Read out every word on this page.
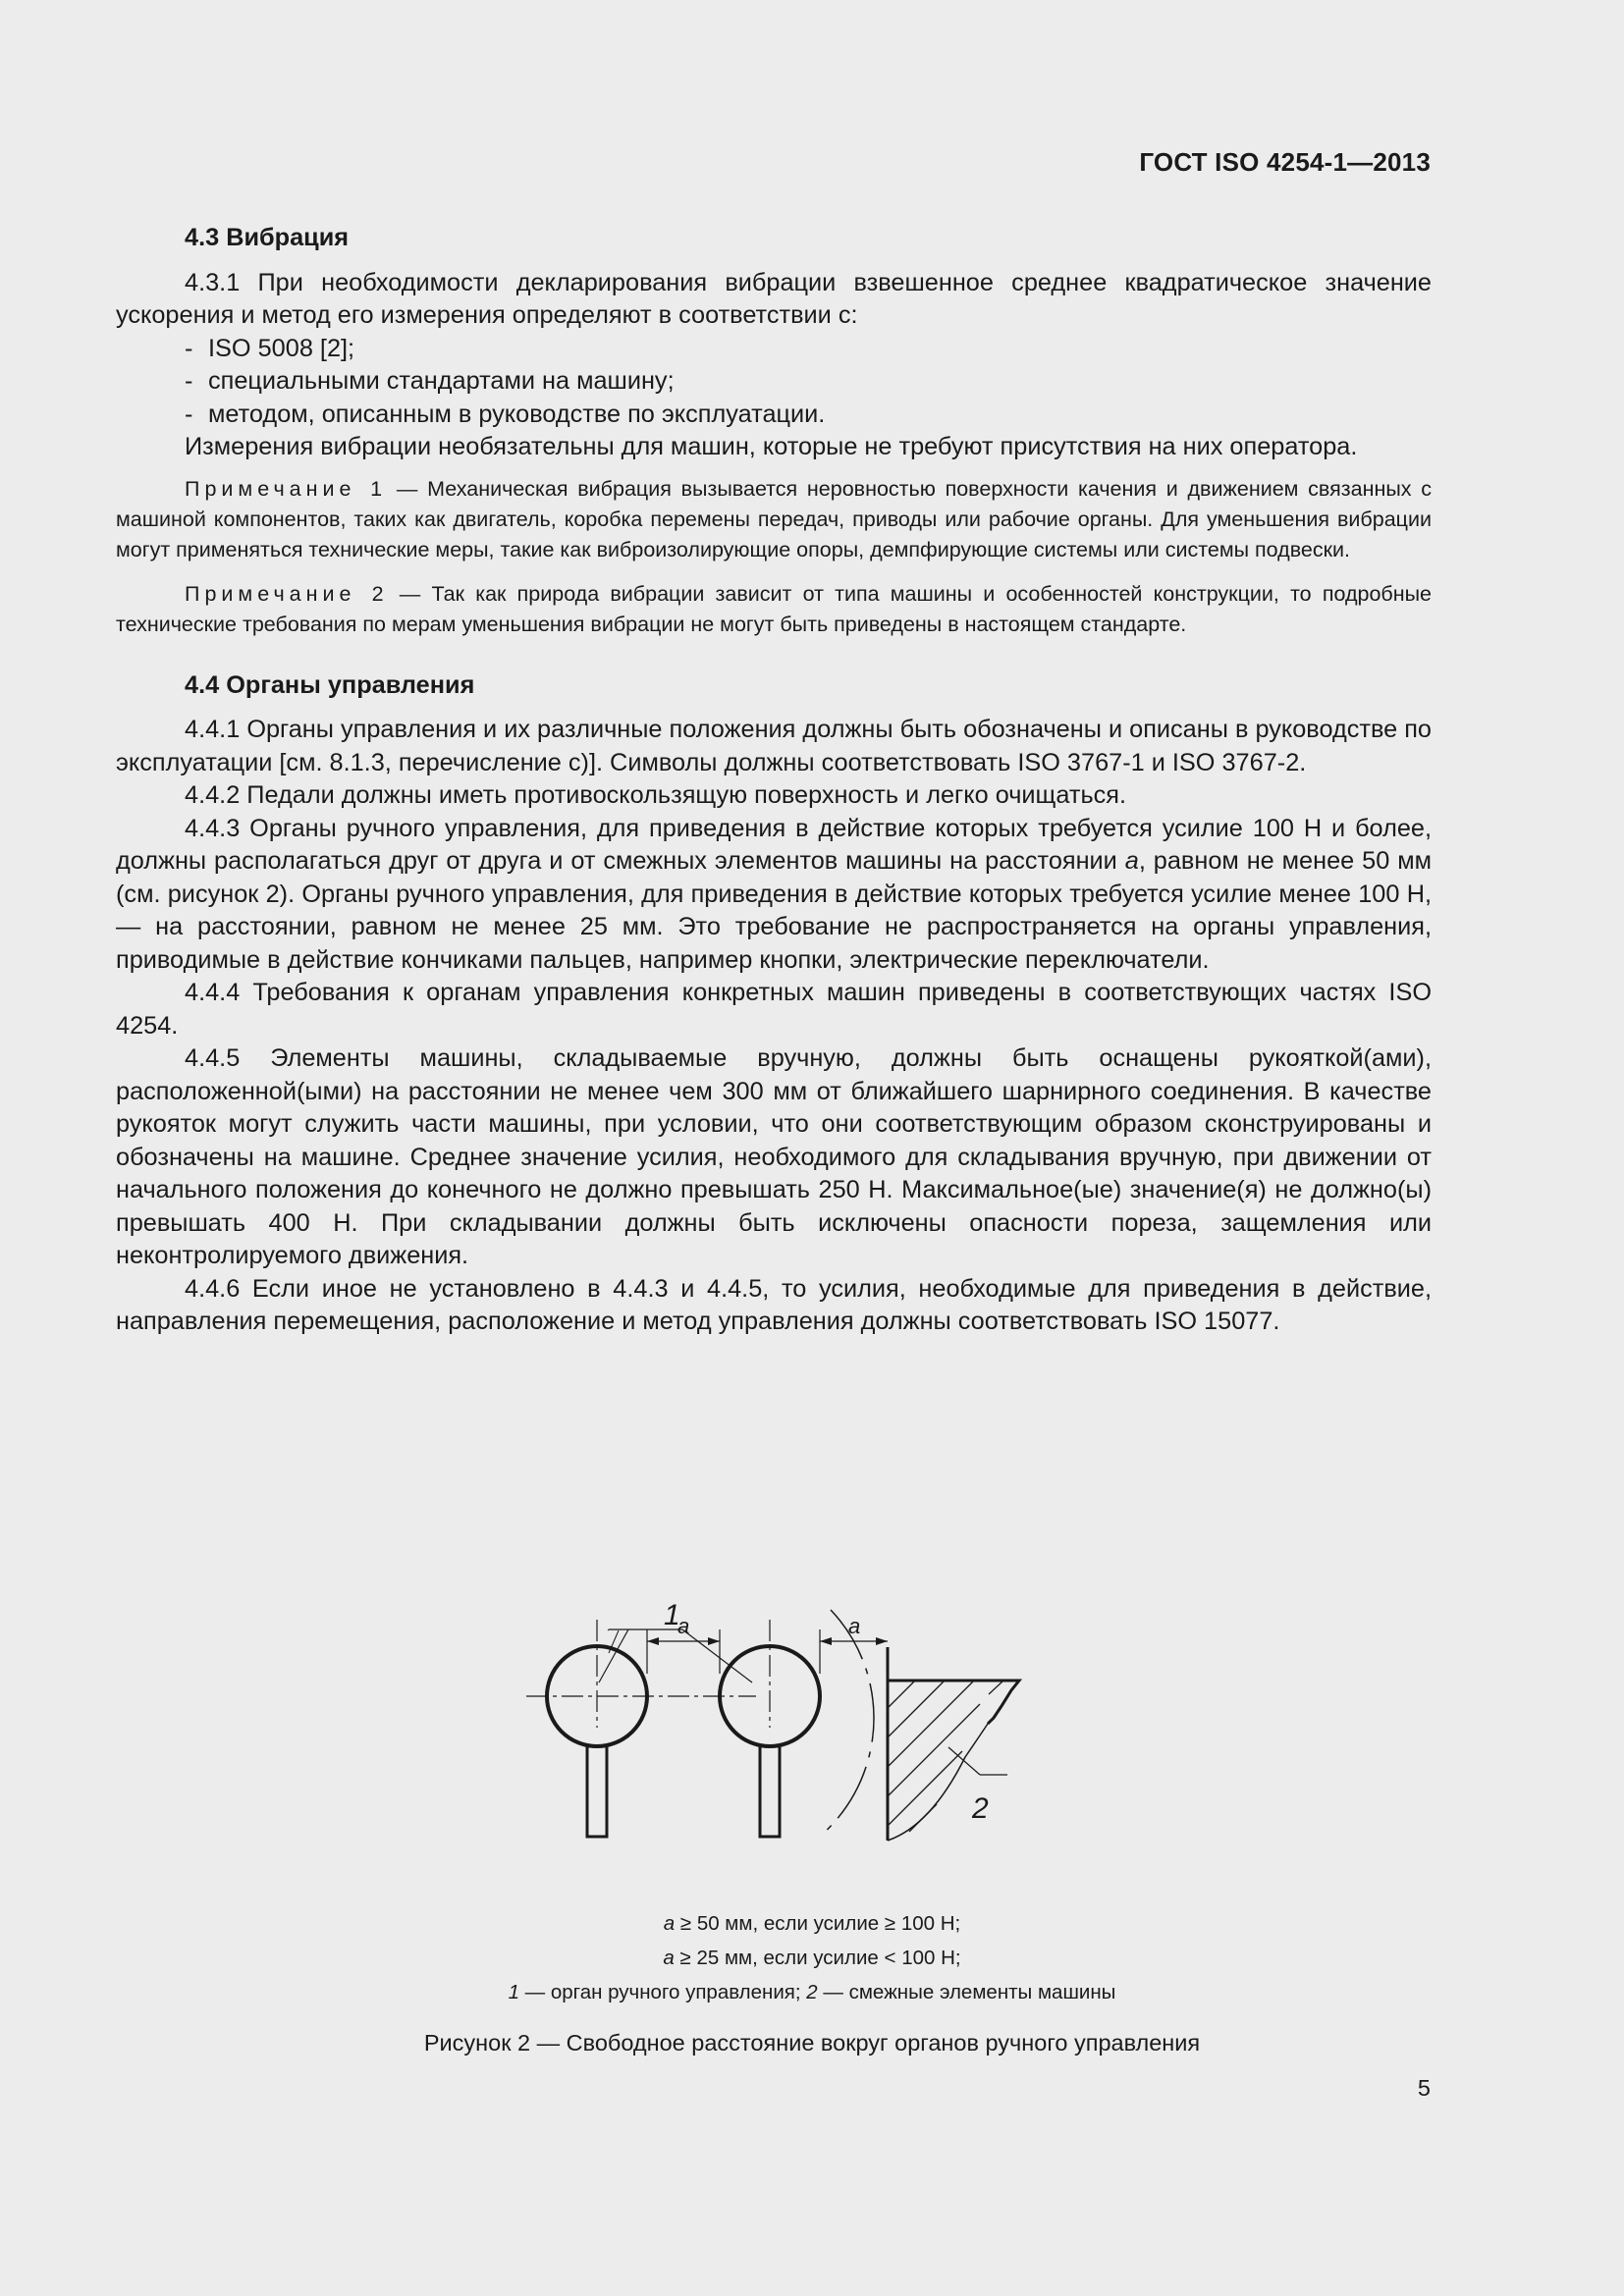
ГОСТ ISO 4254-1—2013
4.3 Вибрация

4.3.1 При необходимости декларирования вибрации взвешенное среднее квадратическое значение ускорения и метод его измерения определяют в соответствии с:

- ISO 5008 [2];

- специальными стандартами на машину;

- методом, описанным в руководстве по эксплуатации.

Измерения вибрации необязательны для машин, которые не требуют присутствия на них оператора.

Примечание 1 — Механическая вибрация вызывается неровностью поверхности качения и движением связанных с машиной компонентов, таких как двигатель, коробка перемены передач, приводы или рабочие органы. Для уменьшения вибрации могут применяться технические меры, такие как виброизолирующие опоры, демпфирующие системы или системы подвески.

Примечание 2 — Так как природа вибрации зависит от типа машины и особенностей конструкции, то подробные технические требования по мерам уменьшения вибрации не могут быть приведены в настоящем стандарте.

4.4 Органы управления

4.4.1 Органы управления и их различные положения должны быть обозначены и описаны в руководстве по эксплуатации [см. 8.1.3, перечисление с)]. Символы должны соответствовать ISO 3767-1 и ISO 3767-2.

4.4.2 Педали должны иметь противоскользящую поверхность и легко очищаться.

4.4.3 Органы ручного управления, для приведения в действие которых требуется усилие 100 Н и более, должны располагаться друг от друга и от смежных элементов машины на расстоянии а, равном не менее 50 мм (см. рисунок 2). Органы ручного управления, для приведения в действие которых требуется усилие менее 100 Н, — на расстоянии, равном не менее 25 мм. Это требование не распространяется на органы управления, приводимые в действие кончиками пальцев, например кнопки, электрические переключатели.

4.4.4 Требования к органам управления конкретных машин приведены в соответствующих частях ISO 4254.

4.4.5 Элементы машины, складываемые вручную, должны быть оснащены рукояткой(ами), расположенной(ыми) на расстоянии не менее чем 300 мм от ближайшего шарнирного соединения. В качестве рукояток могут служить части машины, при условии, что они соответствующим образом сконструированы и обозначены на машине. Среднее значение усилия, необходимого для складывания вручную, при движении от начального положения до конечного не должно превышать 250 Н. Максимальное(ые) значение(я) не должно(ы) превышать 400 Н. При складывании должны быть исключены опасности пореза, защемления или неконтролируемого движения.

4.4.6 Если иное не установлено в 4.4.3 и 4.4.5, то усилия, необходимые для приведения в действие, направления перемещения, расположение и метод управления должны соответствовать ISO 15077.

1
a	a
2
a ≥ 50 мм, если усилие ≥ 100 Н;
a ≥ 25 мм, если усилие < 100 Н;
1 — орган ручного управления; 2 — смежные элементы машины
Рисунок 2 — Свободное расстояние вокруг органов ручного управления
5
